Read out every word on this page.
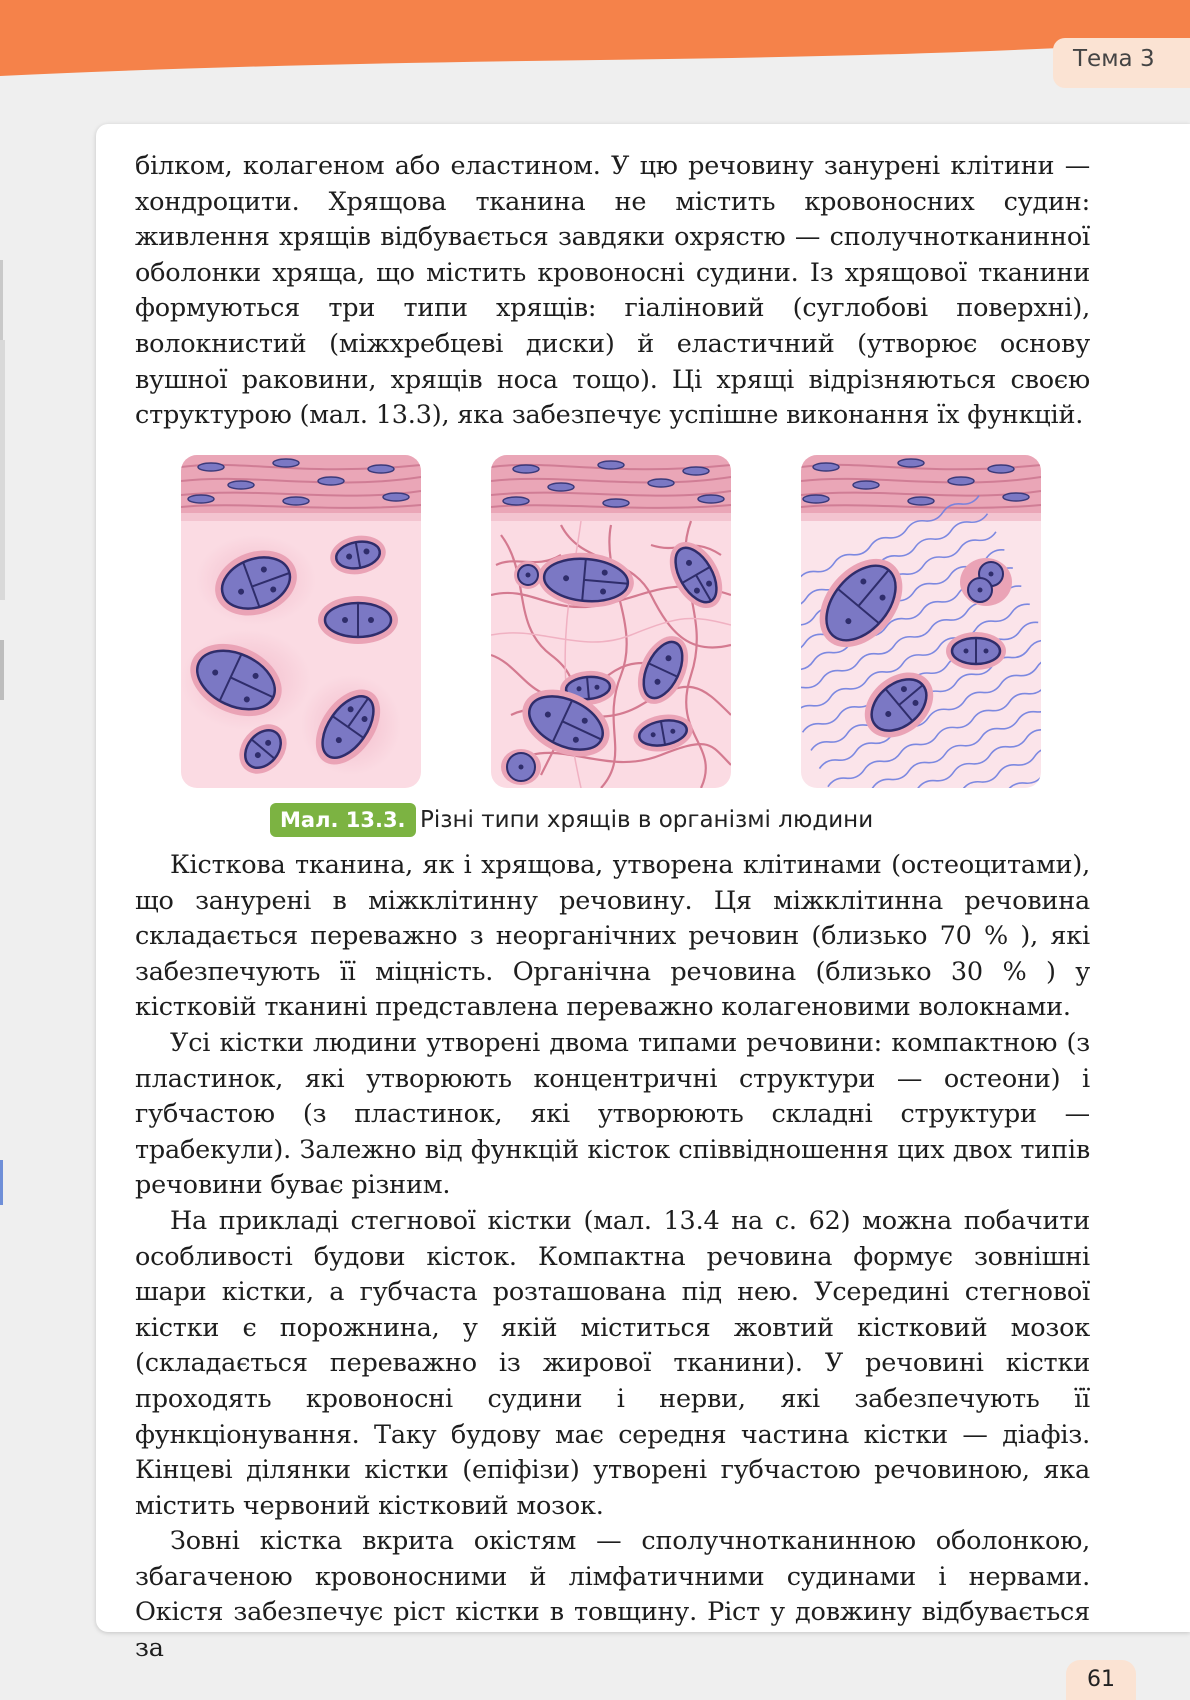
Тема 3

білком, колагеном або еластином. У цю речовину занурені клітини — хондроцити. Хрящова тканина не містить кровоносних судин: живлення хрящів відбувається завдяки охрястю — сполучнотканинної оболонки хряща, що містить кровоносні судини. Із хрящової тканини формуються три типи хрящів: гіаліновий (суглобові поверхні), волокнистий (міжхребцеві диски) й еластичний (утворює основу вушної раковини, хрящів носа тощо). Ці хрящі відрізняються своєю структурою (мал. 13.3), яка забезпечує успішне виконання їх функцій.

Мал. 13.3. Різні типи хрящів в організмі людини

Кісткова тканина, як і хрящова, утворена клітинами (остеоцитами), що занурені в міжклітинну речовину. Ця міжклітинна речовина складається переважно з неорганічних речовин (близько 70 % ), які забезпечують її міцність. Органічна речовина (близько 30 % ) у кістковій тканині представлена переважно колагеновими волокнами.

Усі кістки людини утворені двома типами речовини: компактною (з пластинок, які утворюють концентричні структури — остеони) і губчастою (з пластинок, які утворюють складні структури — трабекули). Залежно від функцій кісток співвідношення цих двох типів речовини буває різним.

На прикладі стегнової кістки (мал. 13.4 на с. 62) можна побачити особливості будови кісток. Компактна речовина формує зовнішні шари кістки, а губчаста розташована під нею. Усередині стегнової кістки є порожнина, у якій міститься жовтий кістковий мозок (складається переважно із жирової тканини). У речовині кістки проходять кровоносні судини і нерви, які забезпечують її функціонування. Таку будову має середня частина кістки — діафіз. Кінцеві ділянки кістки (епіфізи) утворені губчастою речовиною, яка містить червоний кістковий мозок.

Зовні кістка вкрита окістям — сполучнотканинною оболонкою, збагаченою кровоносними й лімфатичними судинами і нервами. Окістя забезпечує ріст кістки в товщину. Ріст у довжину відбувається за

61
